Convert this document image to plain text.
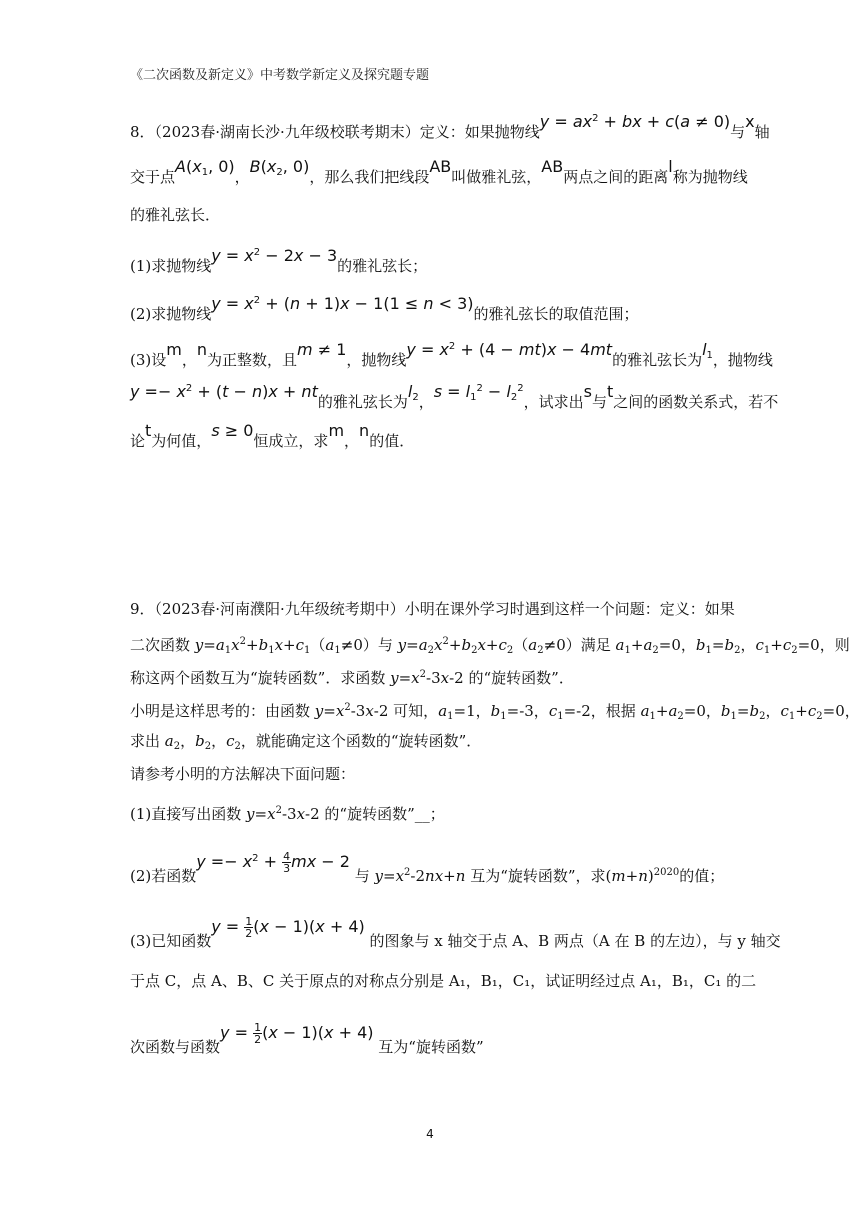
《二次函数及新定义》中考数学新定义及探究题专题
8．（2023春·湖南长沙·九年级校联考期末）定义：如果抛物线$y = ax^2$ + bx + c(a ≠ 0)与x轴
交于点$A(x_1$, 0)，$B(x_2$, 0)，那么我们把线段AB叫做雅礼弦，AB两点之间的距离l称为抛物线
的雅礼弦长．
(1)求抛物线$y = x^2 - 2x - 3$的雅礼弦长；
(2)求抛物线$y = x^2 + (n + 1)x - 1(1 \le n < 3)$的雅礼弦长的取值范围；
(3)设m，n为正整数，且m ≠ 1，抛物线$y = x^2 + (4 - mt)x - 4mt$的雅礼弦长为$l_1$，抛物线
$y =- x^2 + (t - n)x$ + nt的雅礼弦长为$l_2$，$s = l_1^2 - l_2^2$，试求出s与t之间的函数关系式，若不
论t为何值，s ≥ 0恒成立，求m，n的值．
9．（2023春·河南濮阳·九年级统考期中）小明在课外学习时遇到这样一个问题：定义：如果
二次函数 $y=a_1x^2+b_1x+c_1(a_1\ne 0)$与 $y=a_2x^2+b_2x+c_2(a_2\ne 0)$满足 $a_1+a_2=0$，$b_1=b_2$，$c_1+c_2=0$，则
称这两个函数互为“旋转函数”．求函数 $y=x^2-3x-2$ 的“旋转函数”．
小明是这样思考的：由函数 $y=x^2-3x-2$ 可知，$a_1=1$，$b_1=-3$，$c_1=-2$，根据 $a_1+a_2=0$，$b_1=b_2$，$c_1+c_2=0$，
求出 $a_2$，$b_2$，$c_2$，就能确定这个函数的“旋转函数”．
请参考小明的方法解决下面问题：
(1)直接写出函数 $y=x^2-3x-2$ 的“旋转函数”__；
(2)若函数$y =- x^2 + \frac{4}{3}$ mx − 2 与 $y=x^2-2nx+n$ 互为“旋转函数”，求$(m+n)^{2020}$的值；
(3)已知函数$y = \frac{1}{2} (x - 1)(x + 4)$ 的图象与 x 轴交于点 A、B 两点（A 在 B 的左边），与 y 轴交
于点 C，点 A、B、C 关于原点的对称点分别是 A₁，B₁，C₁，试证明经过点 A₁，B₁，C₁ 的二
次函数与函数$y = \frac{1}{2} (x - 1)(x + 4)$ 互为“旋转函数”
4
